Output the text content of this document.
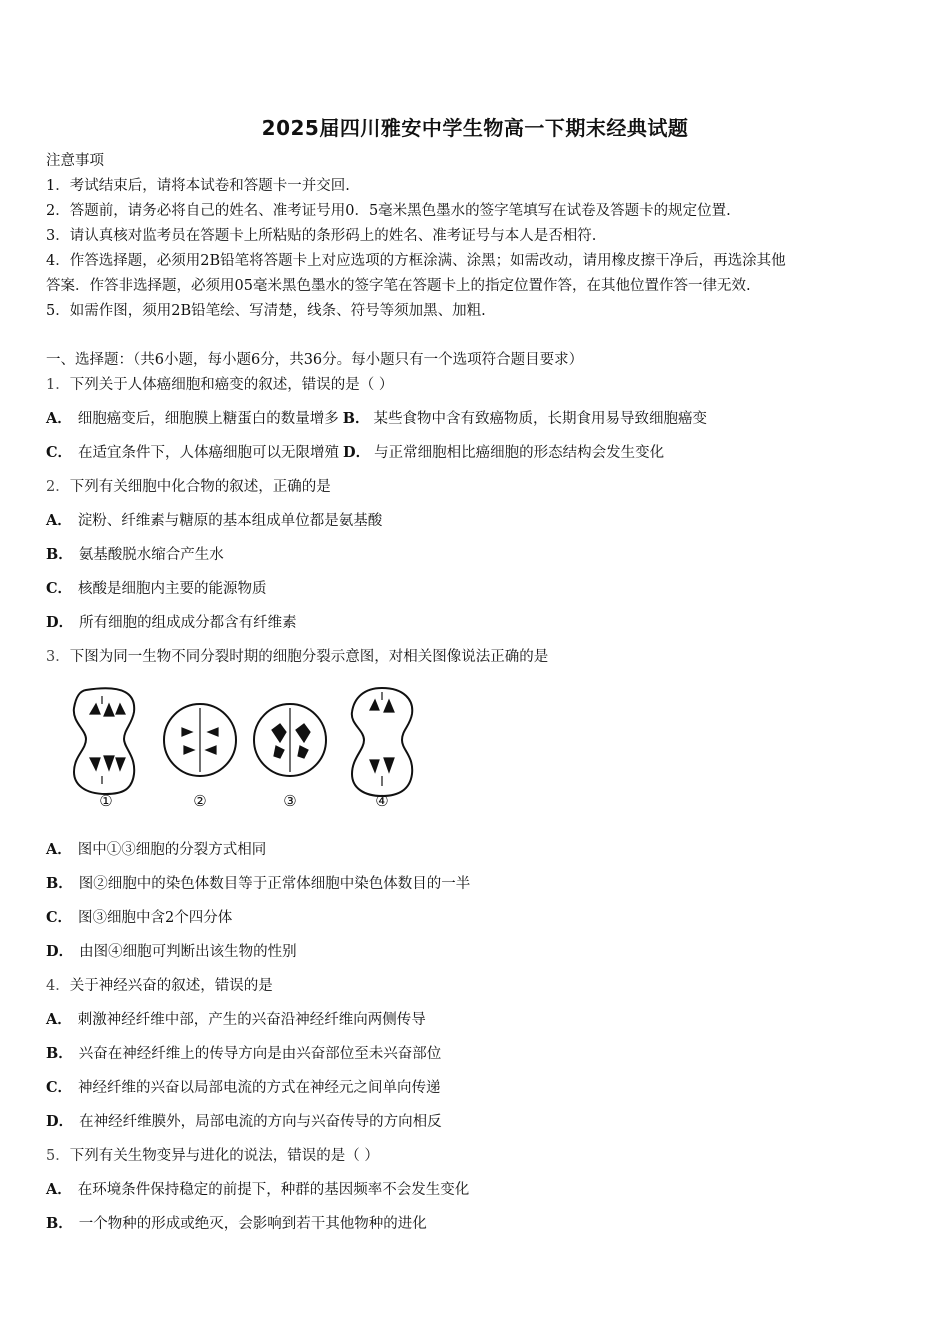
2025届四川雅安中学生物高一下期末经典试题
注意事项
1．考试结束后，请将本试卷和答题卡一并交回.
2．答题前，请务必将自己的姓名、准考证号用0．5毫米黑色墨水的签字笔填写在试卷及答题卡的规定位置.
3．请认真核对监考员在答题卡上所粘贴的条形码上的姓名、准考证号与本人是否相符.
4．作答选择题，必须用2B铅笔将答题卡上对应选项的方框涂满、涂黑；如需改动，请用橡皮擦干净后，再选涂其他
答案．作答非选择题，必须用05毫米黑色墨水的签字笔在答题卡上的指定位置作答，在其他位置作答一律无效.
5．如需作图，须用2B铅笔绘、写清楚，线条、符号等须加黑、加粗.
一、选择题：（共6小题，每小题6分，共36分。每小题只有一个选项符合题目要求）
1．下列关于人体癌细胞和癌变的叙述，错误的是（ ）
A． 细胞癌变后，细胞膜上糖蛋白的数量增多 B． 某些食物中含有致癌物质，长期食用易导致细胞癌变
C． 在适宜条件下，人体癌细胞可以无限增殖 D． 与正常细胞相比癌细胞的形态结构会发生变化
2．下列有关细胞中化合物的叙述，正确的是
A． 淀粉、纤维素与糖原的基本组成单位都是氨基酸
B． 氨基酸脱水缩合产生水
C． 核酸是细胞内主要的能源物质
D． 所有细胞的组成成分都含有纤维素
3．下图为同一生物不同分裂时期的细胞分裂示意图，对相关图像说法正确的是
①	②	③	④
A． 图中①③细胞的分裂方式相同
B． 图②细胞中的染色体数目等于正常体细胞中染色体数目的一半
C． 图③细胞中含2个四分体
D． 由图④细胞可判断出该生物的性别
4．关于神经兴奋的叙述，错误的是
A． 刺激神经纤维中部，产生的兴奋沿神经纤维向两侧传导
B． 兴奋在神经纤维上的传导方向是由兴奋部位至未兴奋部位
C． 神经纤维的兴奋以局部电流的方式在神经元之间单向传递
D． 在神经纤维膜外，局部电流的方向与兴奋传导的方向相反
5．下列有关生物变异与进化的说法，错误的是（ ）
A． 在环境条件保持稳定的前提下，种群的基因频率不会发生变化
B． 一个物种的形成或绝灭，会影响到若干其他物种的进化
